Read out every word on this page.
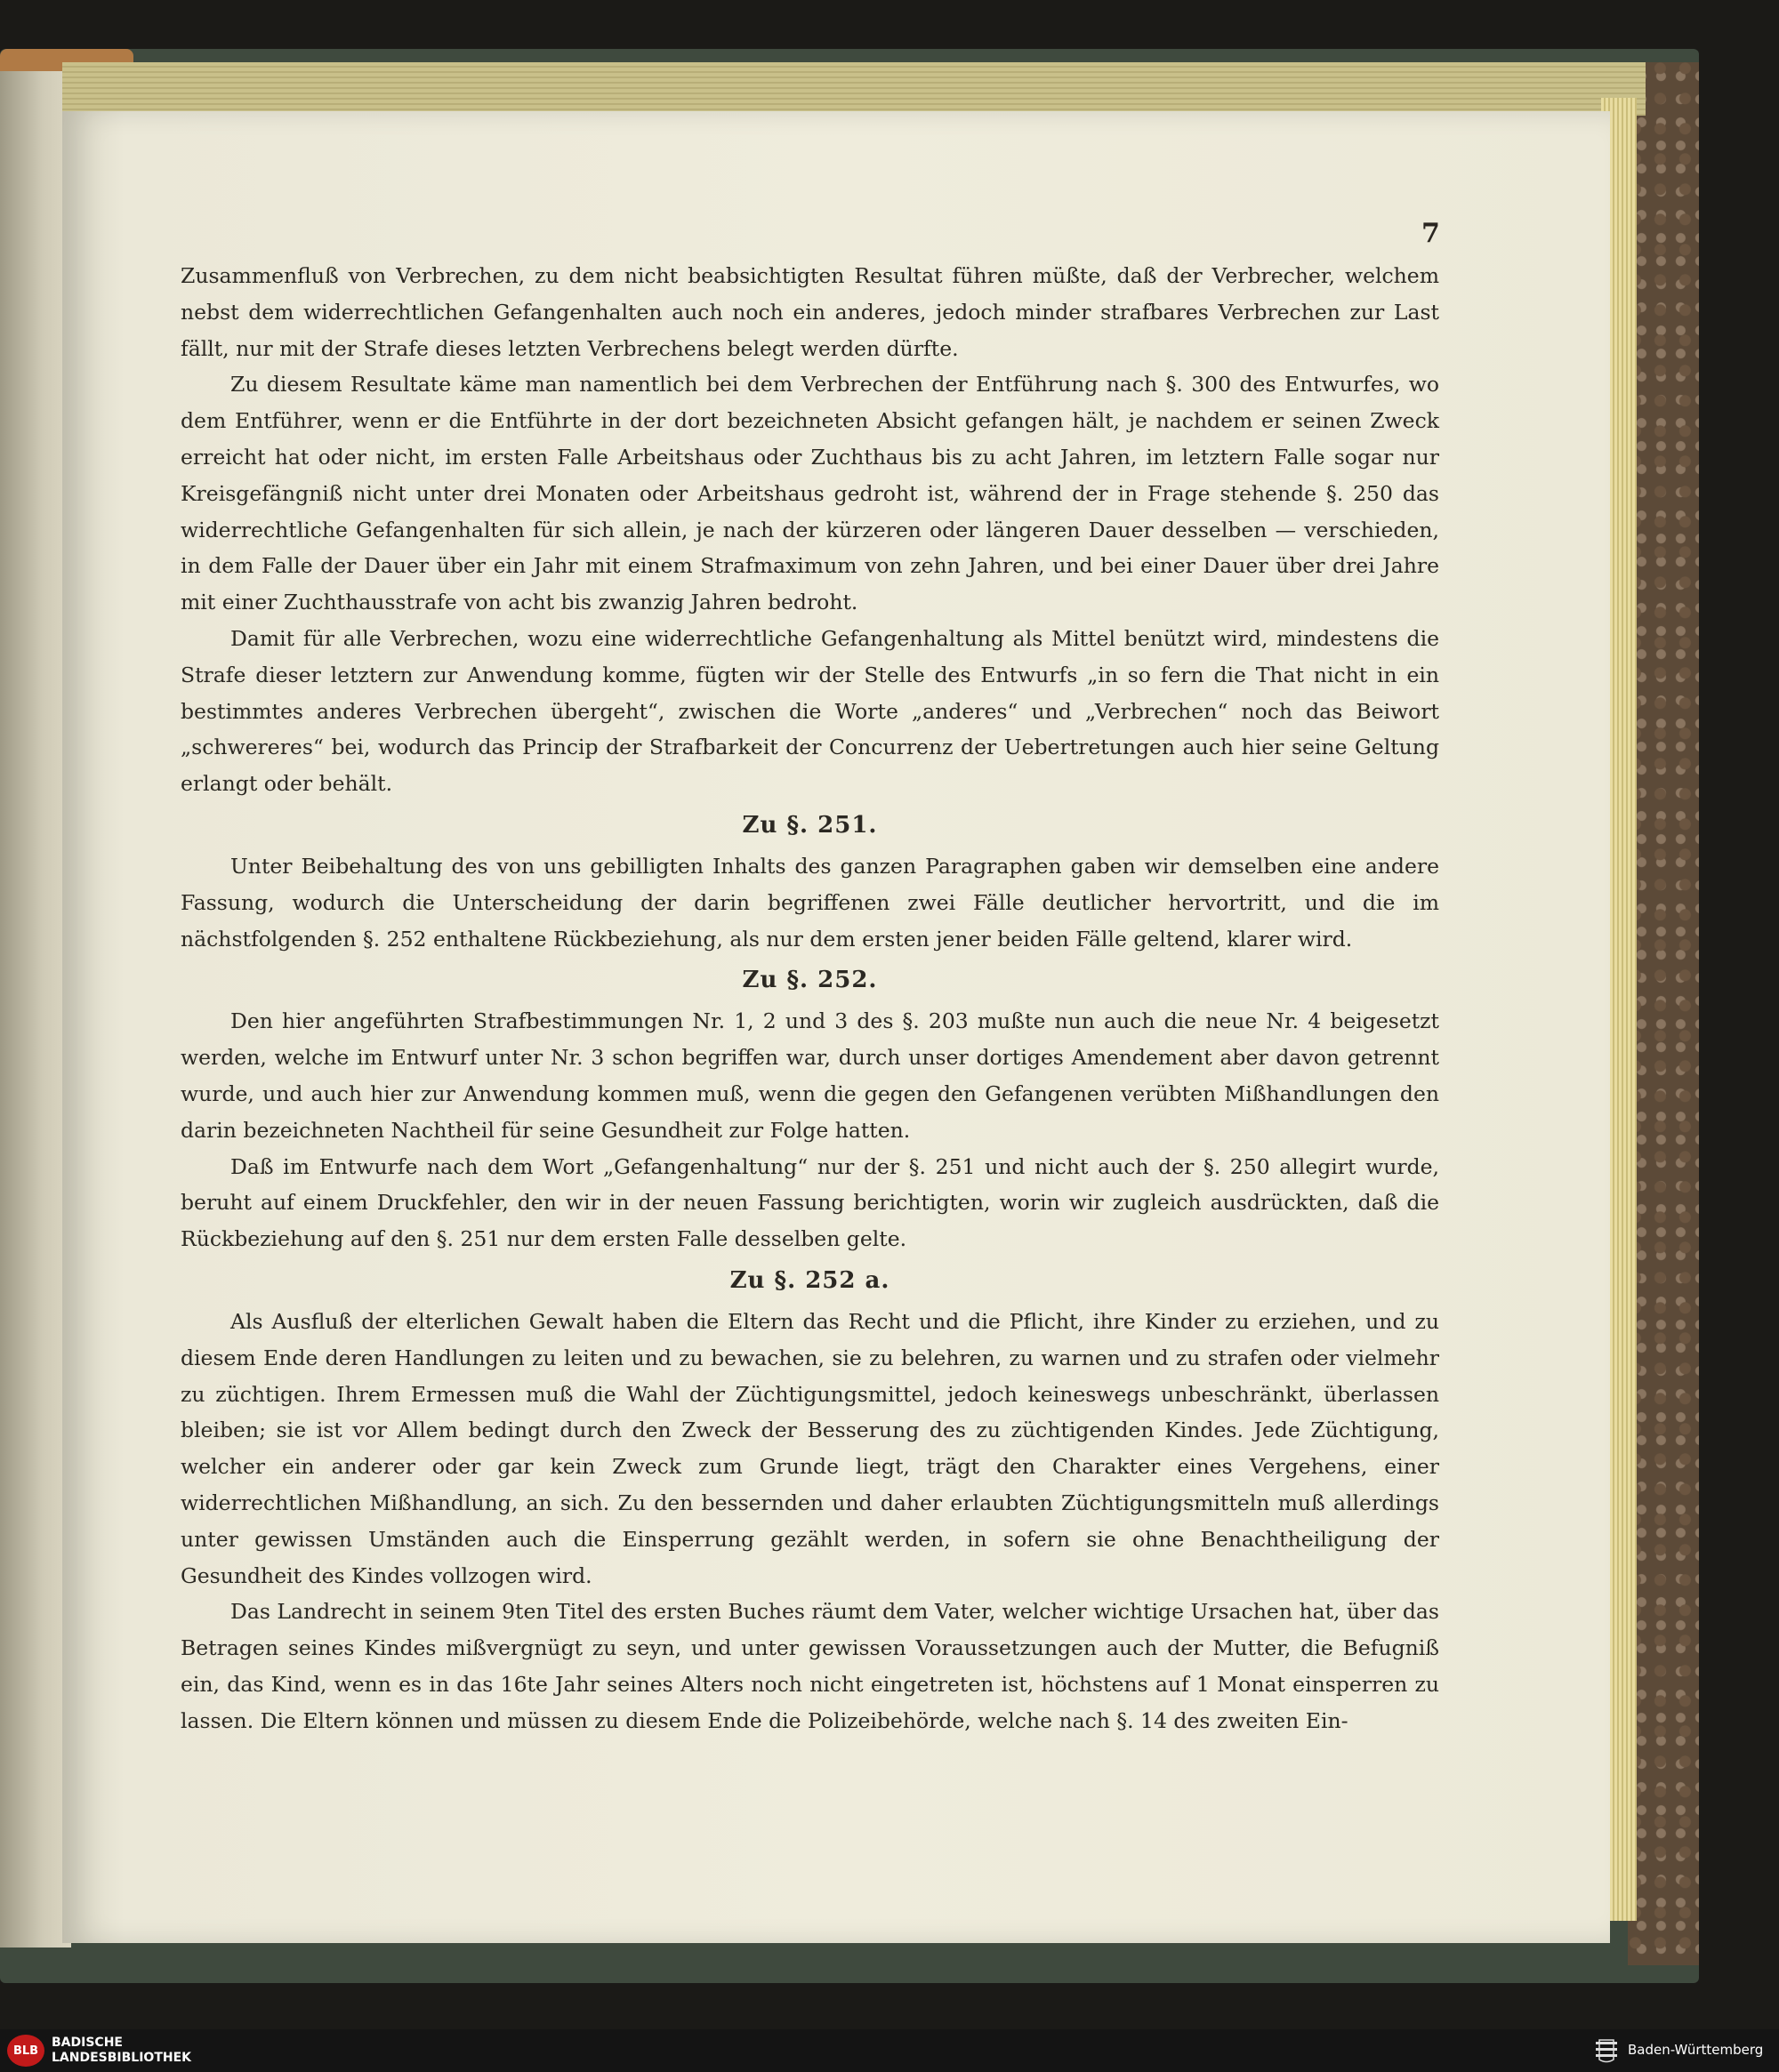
7

Zusammenfluß von Verbrechen, zu dem nicht beabsichtigten Resultat führen müßte, daß der Verbrecher, welchem nebst dem widerrechtlichen Gefangenhalten auch noch ein anderes, jedoch minder strafbares Verbrechen zur Last fällt, nur mit der Strafe dieses letzten Verbrechens belegt werden dürfte.

Zu diesem Resultate käme man namentlich bei dem Verbrechen der Entführung nach §. 300 des Entwurfes, wo dem Entführer, wenn er die Entführte in der dort bezeichneten Absicht gefangen hält, je nachdem er seinen Zweck erreicht hat oder nicht, im ersten Falle Arbeitshaus oder Zuchthaus bis zu acht Jahren, im letztern Falle sogar nur Kreisgefängniß nicht unter drei Monaten oder Arbeitshaus gedroht ist, während der in Frage stehende §. 250 das widerrechtliche Gefangenhalten für sich allein, je nach der kürzeren oder längeren Dauer desselben — verschieden, in dem Falle der Dauer über ein Jahr mit einem Strafmaximum von zehn Jahren, und bei einer Dauer über drei Jahre mit einer Zuchthausstrafe von acht bis zwanzig Jahren bedroht.

Damit für alle Verbrechen, wozu eine widerrechtliche Gefangenhaltung als Mittel benützt wird, mindestens die Strafe dieser letztern zur Anwendung komme, fügten wir der Stelle des Entwurfs „in so fern die That nicht in ein bestimmtes anderes Verbrechen übergeht“, zwischen die Worte „anderes“ und „Verbrechen“ noch das Beiwort „schwereres“ bei, wodurch das Princip der Strafbarkeit der Concurrenz der Uebertretungen auch hier seine Geltung erlangt oder behält.

Zu §. 251.

Unter Beibehaltung des von uns gebilligten Inhalts des ganzen Paragraphen gaben wir demselben eine andere Fassung, wodurch die Unterscheidung der darin begriffenen zwei Fälle deutlicher hervortritt, und die im nächstfolgenden §. 252 enthaltene Rückbeziehung, als nur dem ersten jener beiden Fälle geltend, klarer wird.

Zu §. 252.

Den hier angeführten Strafbestimmungen Nr. 1, 2 und 3 des §. 203 mußte nun auch die neue Nr. 4 beigesetzt werden, welche im Entwurf unter Nr. 3 schon begriffen war, durch unser dortiges Amendement aber davon getrennt wurde, und auch hier zur Anwendung kommen muß, wenn die gegen den Gefangenen verübten Mißhandlungen den darin bezeichneten Nachtheil für seine Gesundheit zur Folge hatten.

Daß im Entwurfe nach dem Wort „Gefangenhaltung“ nur der §. 251 und nicht auch der §. 250 allegirt wurde, beruht auf einem Druckfehler, den wir in der neuen Fassung berichtigten, worin wir zugleich ausdrückten, daß die Rückbeziehung auf den §. 251 nur dem ersten Falle desselben gelte.

Zu §. 252 a.

Als Ausfluß der elterlichen Gewalt haben die Eltern das Recht und die Pflicht, ihre Kinder zu erziehen, und zu diesem Ende deren Handlungen zu leiten und zu bewachen, sie zu belehren, zu warnen und zu strafen oder vielmehr zu züchtigen. Ihrem Ermessen muß die Wahl der Züchtigungsmittel, jedoch keineswegs unbeschränkt, überlassen bleiben; sie ist vor Allem bedingt durch den Zweck der Besserung des zu züchtigenden Kindes. Jede Züchtigung, welcher ein anderer oder gar kein Zweck zum Grunde liegt, trägt den Charakter eines Vergehens, einer widerrechtlichen Mißhandlung, an sich. Zu den bessernden und daher erlaubten Züchtigungsmitteln muß allerdings unter gewissen Umständen auch die Einsperrung gezählt werden, in sofern sie ohne Benachtheiligung der Gesundheit des Kindes vollzogen wird.

Das Landrecht in seinem 9ten Titel des ersten Buches räumt dem Vater, welcher wichtige Ursachen hat, über das Betragen seines Kindes mißvergnügt zu seyn, und unter gewissen Voraussetzungen auch der Mutter, die Befugniß ein, das Kind, wenn es in das 16te Jahr seines Alters noch nicht eingetreten ist, höchstens auf 1 Monat einsperren zu lassen. Die Eltern können und müssen zu diesem Ende die Polizeibehörde, welche nach §. 14 des zweiten Ein-

BLB
BADISCHE
LANDESBIBLIOTHEK	Baden-Württemberg
